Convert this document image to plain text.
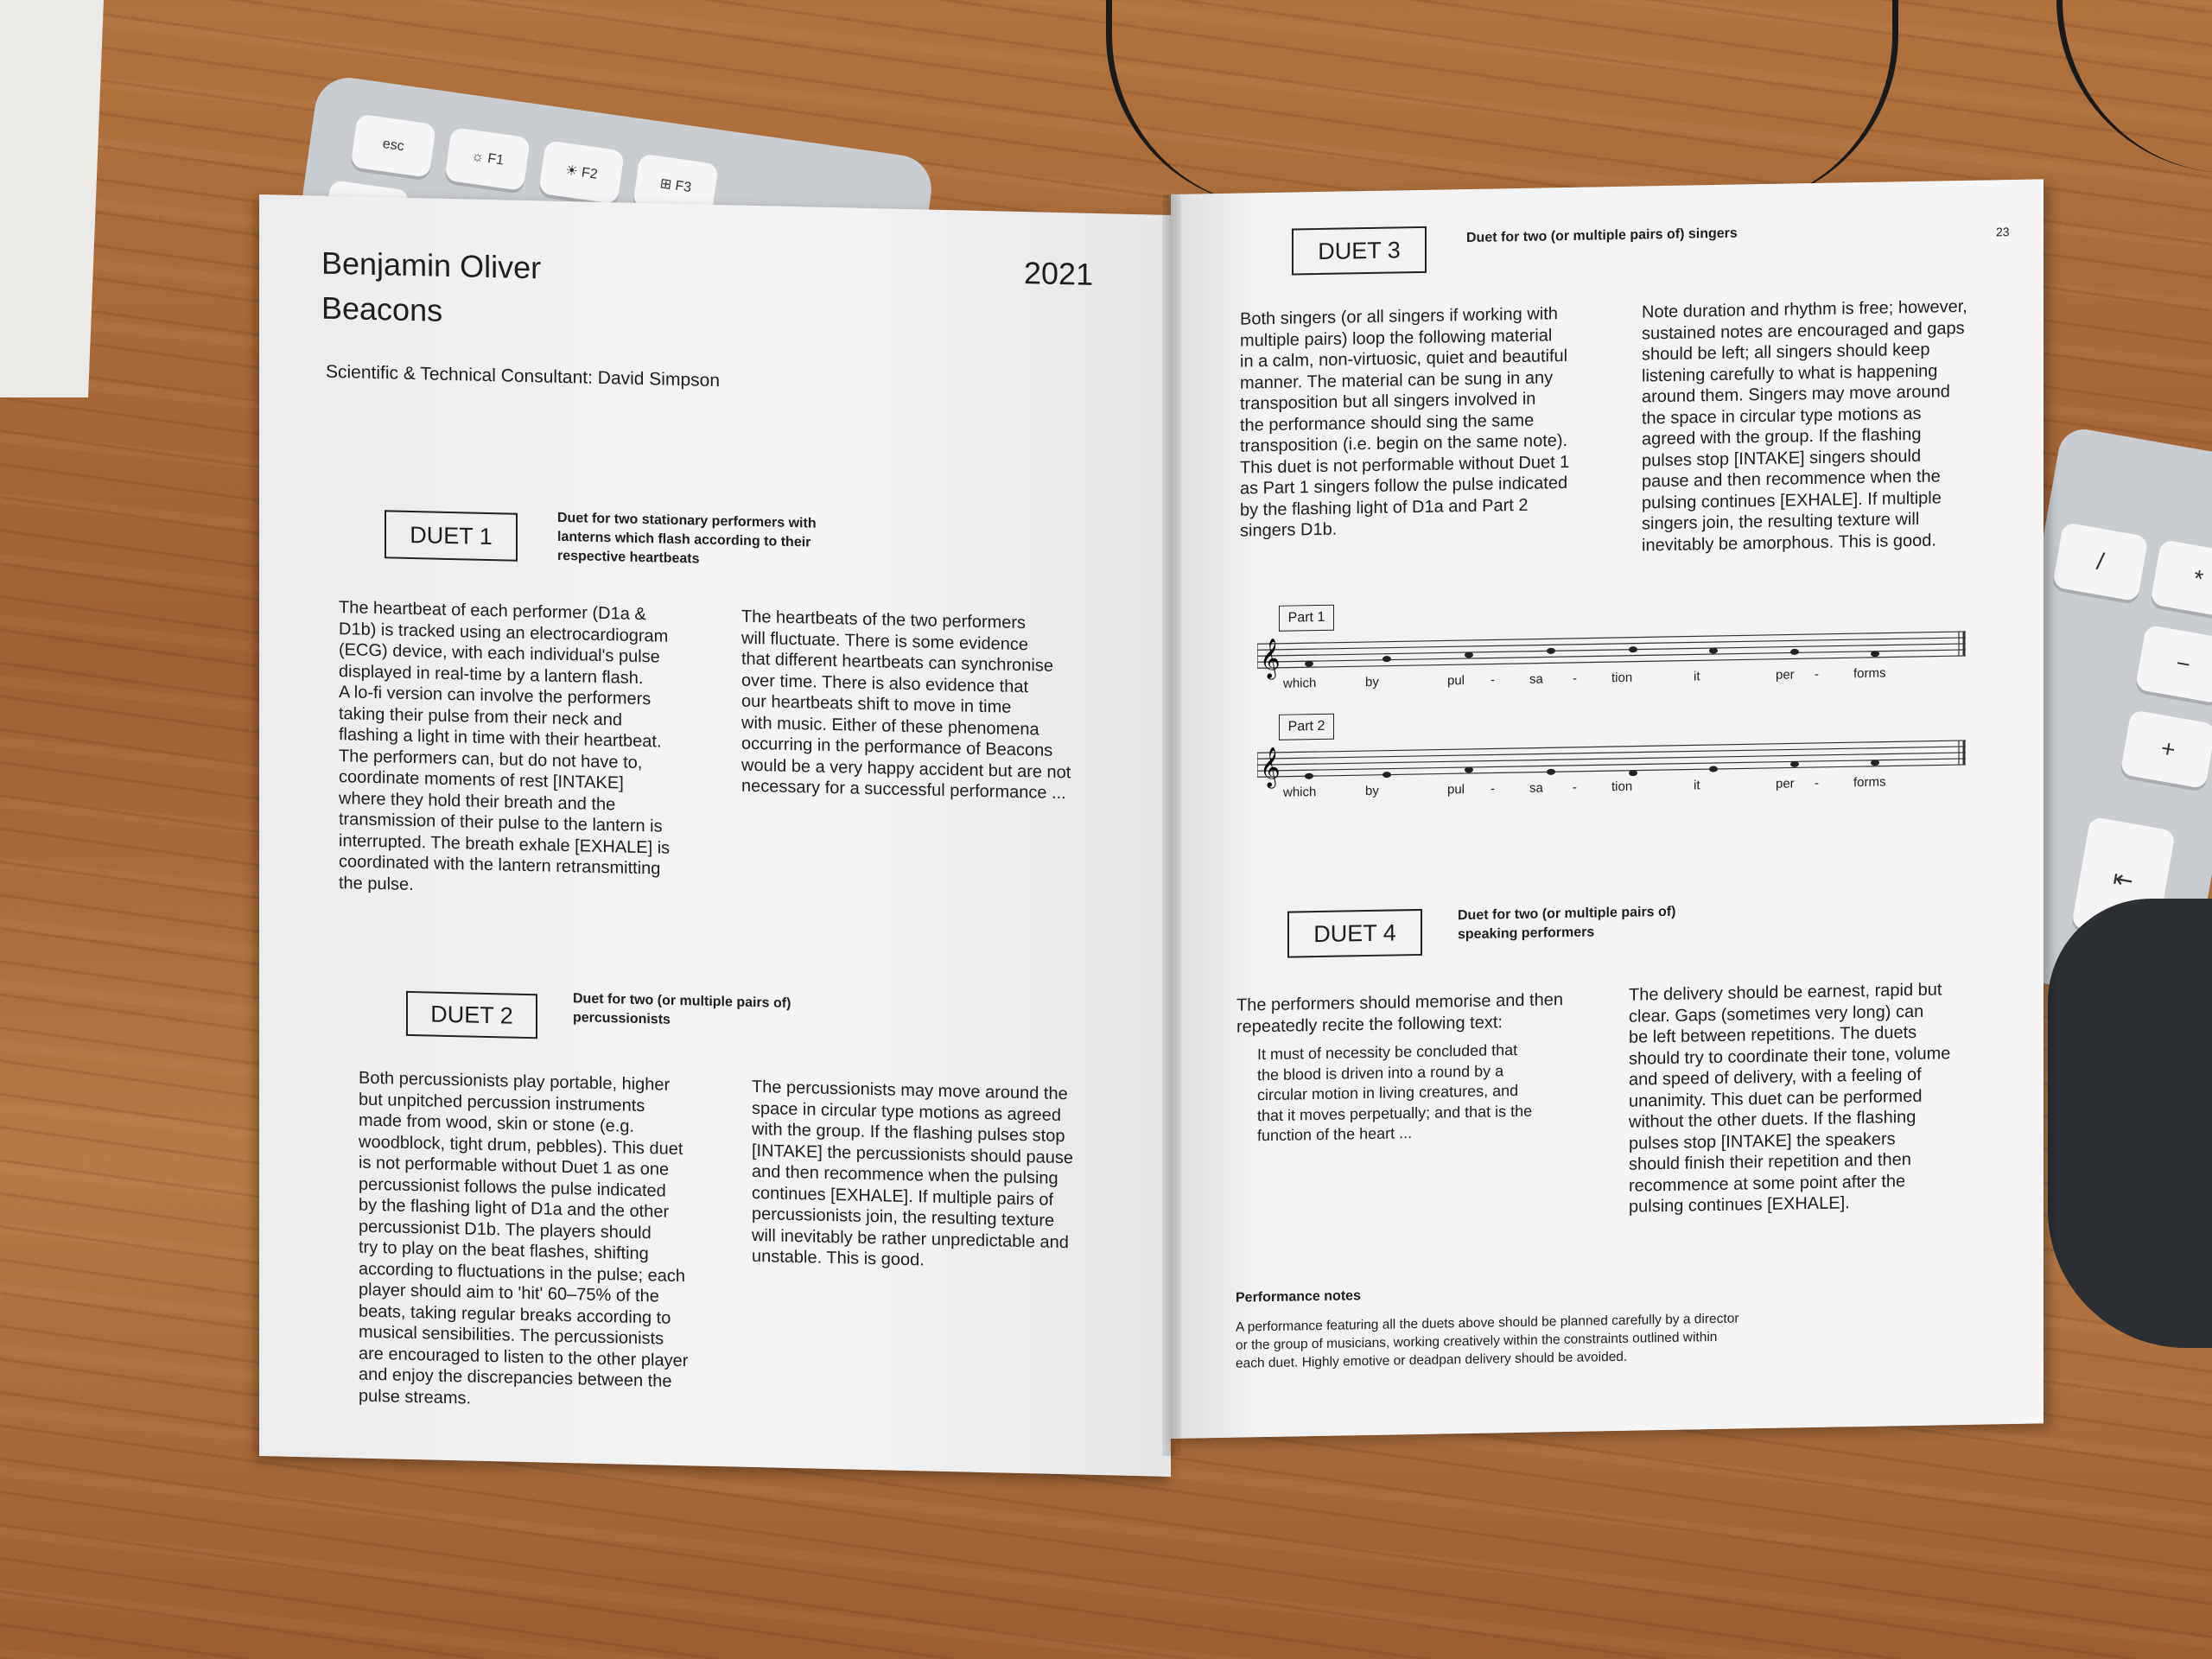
esc
☼ F1
☀ F2
⊞ F3
/
*
−
+
⇤
Benjamin Oliver
Beacons
2021
Scientific & Technical Consultant: David Simpson
DUET 1
Duet for two stationary performers with
lanterns which flash according to their
respective heartbeats
The heartbeat of each performer (D1a &
D1b) is tracked using an electrocardiogram
(ECG) device, with each individual's pulse
displayed in real-time by a lantern flash.
A lo-fi version can involve the performers
taking their pulse from their neck and
flashing a light in time with their heartbeat.
The performers can, but do not have to,
coordinate moments of rest [INTAKE]
where they hold their breath and the
transmission of their pulse to the lantern is
interrupted. The breath exhale [EXHALE] is
coordinated with the lantern retransmitting
the pulse.
The heartbeats of the two performers
will fluctuate. There is some evidence
that different heartbeats can synchronise
over time. There is also evidence that
our heartbeats shift to move in time
with music. Either of these phenomena
occurring in the performance of Beacons
would be a very happy accident but are not
necessary for a successful performance ...
DUET 2
Duet for two (or multiple pairs of)
percussionists
Both percussionists play portable, higher
but unpitched percussion instruments
made from wood, skin or stone (e.g.
woodblock, tight drum, pebbles). This duet
is not performable without Duet 1 as one
percussionist follows the pulse indicated
by the flashing light of D1a and the other
percussionist D1b. The players should
try to play on the beat flashes, shifting
according to fluctuations in the pulse; each
player should aim to 'hit' 60–75% of the
beats, taking regular breaks according to
musical sensibilities. The percussionists
are encouraged to listen to the other player
and enjoy the discrepancies between the
pulse streams.
The percussionists may move around the
space in circular type motions as agreed
with the group. If the flashing pulses stop
[INTAKE] the percussionists should pause
and then recommence when the pulsing
continues [EXHALE]. If multiple pairs of
percussionists join, the resulting texture
will inevitably be rather unpredictable and
unstable. This is good.
DUET 3
Duet for two (or multiple pairs of) singers	23
Both singers (or all singers if working with
multiple pairs) loop the following material
in a calm, non-virtuosic, quiet and beautiful
manner. The material can be sung in any
transposition but all singers involved in
the performance should sing the same
transposition (i.e. begin on the same note).
This duet is not performable without Duet 1
as Part 1 singers follow the pulse indicated
by the flashing light of D1a and Part 2
singers D1b.
Note duration and rhythm is free; however,
sustained notes are encouraged and gaps
should be left; all singers should keep
listening carefully to what is happening
around them. Singers may move around
the space in circular type motions as
agreed with the group. If the flashing
pulses stop [INTAKE] singers should
pause and then recommence when the
pulsing continues [EXHALE]. If multiple
singers join, the resulting texture will
inevitably be amorphous. This is good.
Part 1
𝄞
which	by	pul	-	sa	-	tion	it	per	-	forms
Part 2
𝄞
which	by	pul	-	sa	-	tion	it	per	-	forms
DUET 4
Duet for two (or multiple pairs of)
speaking performers
The performers should memorise and then
repeatedly recite the following text:
It must of necessity be concluded that
the blood is driven into a round by a
circular motion in living creatures, and
that it moves perpetually; and that is the
function of the heart ...
The delivery should be earnest, rapid but
clear. Gaps (sometimes very long) can
be left between repetitions. The duets
should try to coordinate their tone, volume
and speed of delivery, with a feeling of
unanimity. This duet can be performed
without the other duets. If the flashing
pulses stop [INTAKE] the speakers
should finish their repetition and then
recommence at some point after the
pulsing continues [EXHALE].
Performance notes
A performance featuring all the duets above should be planned carefully by a director
or the group of musicians, working creatively within the constraints outlined within
each duet. Highly emotive or deadpan delivery should be avoided.
